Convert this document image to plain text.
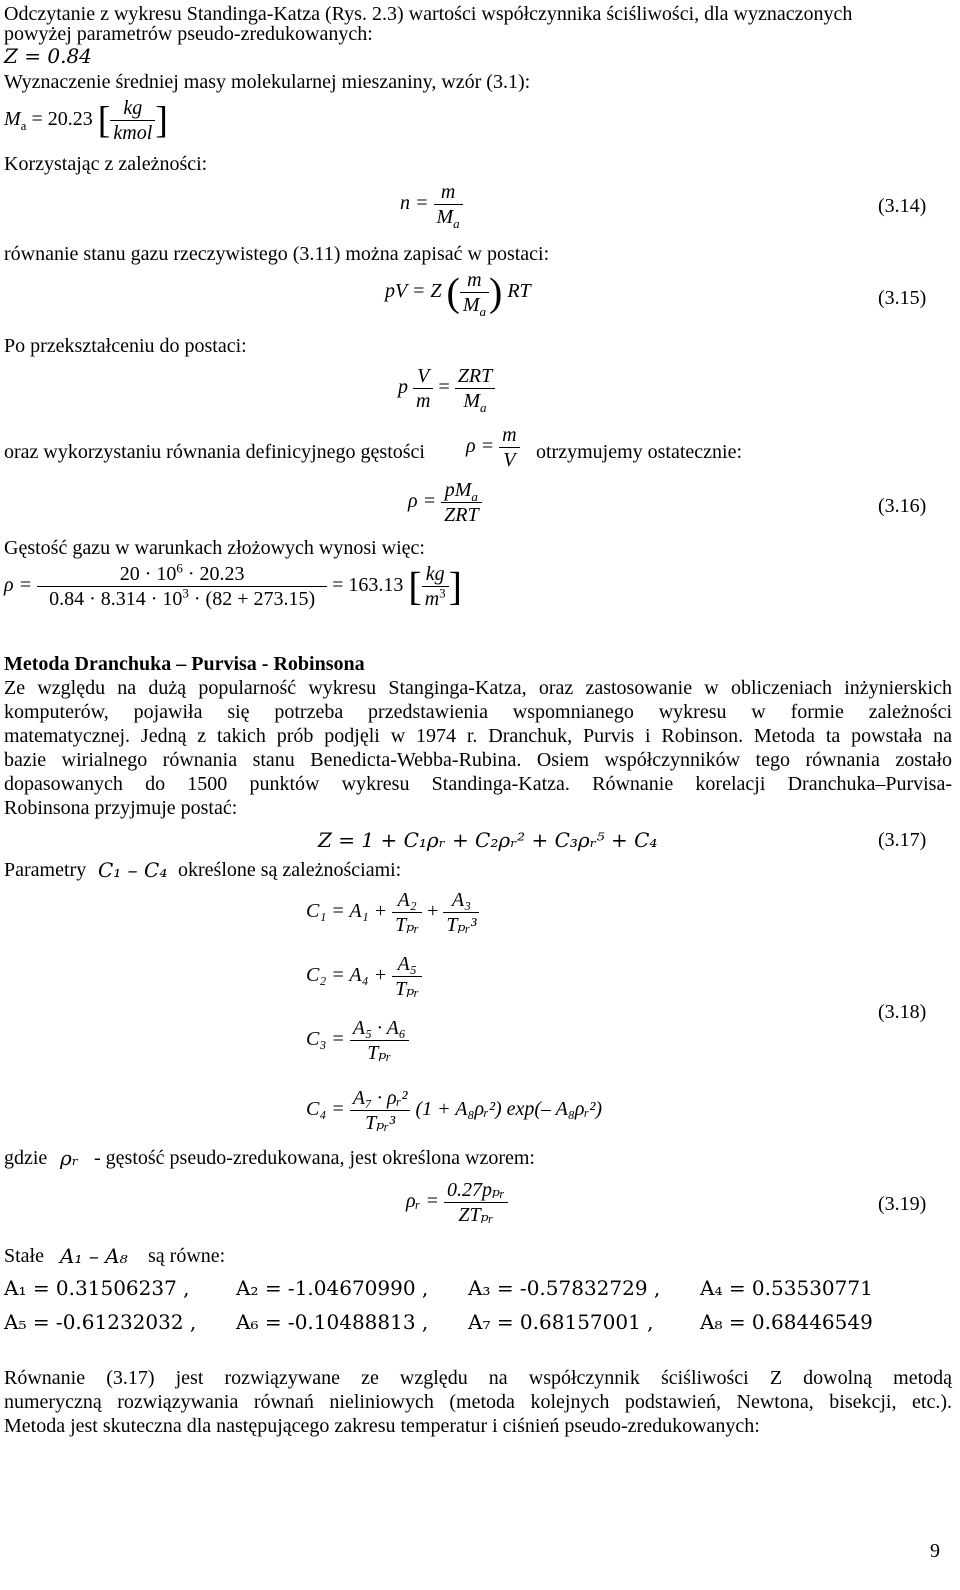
Odczytanie z wykresu Standinga-Katza (Rys. 2.3) wartości współczynnika ściśliwości, dla wyznaczonych
powyżej parametrów pseudo-zredukowanych:
Z = 0.84
Wyznaczenie średniej masy molekularnej mieszaniny, wzór (3.1):
$M_a = 20.23$ [ $\frac{kg}{\text{kmol}}$ ]
Korzystając z zależności:
$n = \frac{m}{M_a}$	(3.14)
równanie stanu gazu rzeczywistego (3.11) można zapisać w postaci:
pV = Z ( $\frac{m}{M_a}$ ) RT	(3.15)
Po przekształceniu do postaci:
p $\frac{V}{m} = \frac{\text{ZRT}}{M_a}$
oraz wykorzystaniu równania definicyjnego gęstości $\rho = \frac{m}{V}$ otrzymujemy ostatecznie:
$\rho = \frac{pM_a}{\text{ZRT}}$	(3.16)
Gęstość gazu w warunkach złożowych wynosi więc:
$\rho = \frac{20 \cdot 10^6 \cdot 20.23}{0.84 \cdot 8.314 \cdot 10^3 \cdot (82 + 273.15)} = 163.13$ [ $\frac{kg}{m^3}$ ]
Metoda Dranchuka – Purvisa - Robinsona
Ze względu na dużą popularność wykresu Stanginga-Katza, oraz zastosowanie w obliczeniach inżynierskich
komputerów, pojawiła się potrzeba przedstawienia wspomnianego wykresu w formie zależności
matematycznej. Jedną z takich prób podjęli w 1974 r. Dranchuk, Purvis i Robinson. Metoda ta powstała na
bazie wirialnego równania stanu Benedicta-Webba-Rubina. Osiem współczynników tego równania zostało
dopasowanych do 1500 punktów wykresu Standinga-Katza. Równanie korelacji Dranchuka–Purvisa-
Robinsona przyjmuje postać:
Z = 1 + C₁ρᵣ + C₂ρᵣ² + C₃ρᵣ⁵ + C₄	(3.17)
Parametry C₁ – C₄ określone są zależnościami:
$C_1 = A_1 + \frac{\text{A₂}}{\text{Tₚᵣ}} + \frac{\text{A₃}}{\text{Tₚᵣ³}}$
$C_2 = A_4 + \frac{\text{A₅}}{\text{Tₚᵣ}}$
$C_3 = \frac{\text{A₅ · A₆}}{\text{Tₚᵣ}}$
(3.18)
$C_4 = \frac{\text{A₇ · ρᵣ²}}{\text{Tₚᵣ³}} (1$ + A₈ρᵣ²) exp(– A₈ρᵣ²)
gdzie ρᵣ - gęstość pseudo-zredukowana, jest określona wzorem:
ρᵣ = $\frac{\text{0.27pₚᵣ}}{\text{ZTₚᵣ}}$	(3.19)
Stałe A₁ – A₈ są równe:
A₁ = 0.31506237 , A₂ = -1.04670990 , A₃ = -0.57832729 , A₄ = 0.53530771
A₅ = -0.61232032 , A₆ = -0.10488813 , A₇ = 0.68157001 , A₈ = 0.68446549
Równanie (3.17) jest rozwiązywane ze względu na współczynnik ściśliwości Z dowolną metodą
numeryczną rozwiązywania równań nieliniowych (metoda kolejnych podstawień, Newtona, bisekcji, etc.).
Metoda jest skuteczna dla następującego zakresu temperatur i ciśnień pseudo-zredukowanych:
9
